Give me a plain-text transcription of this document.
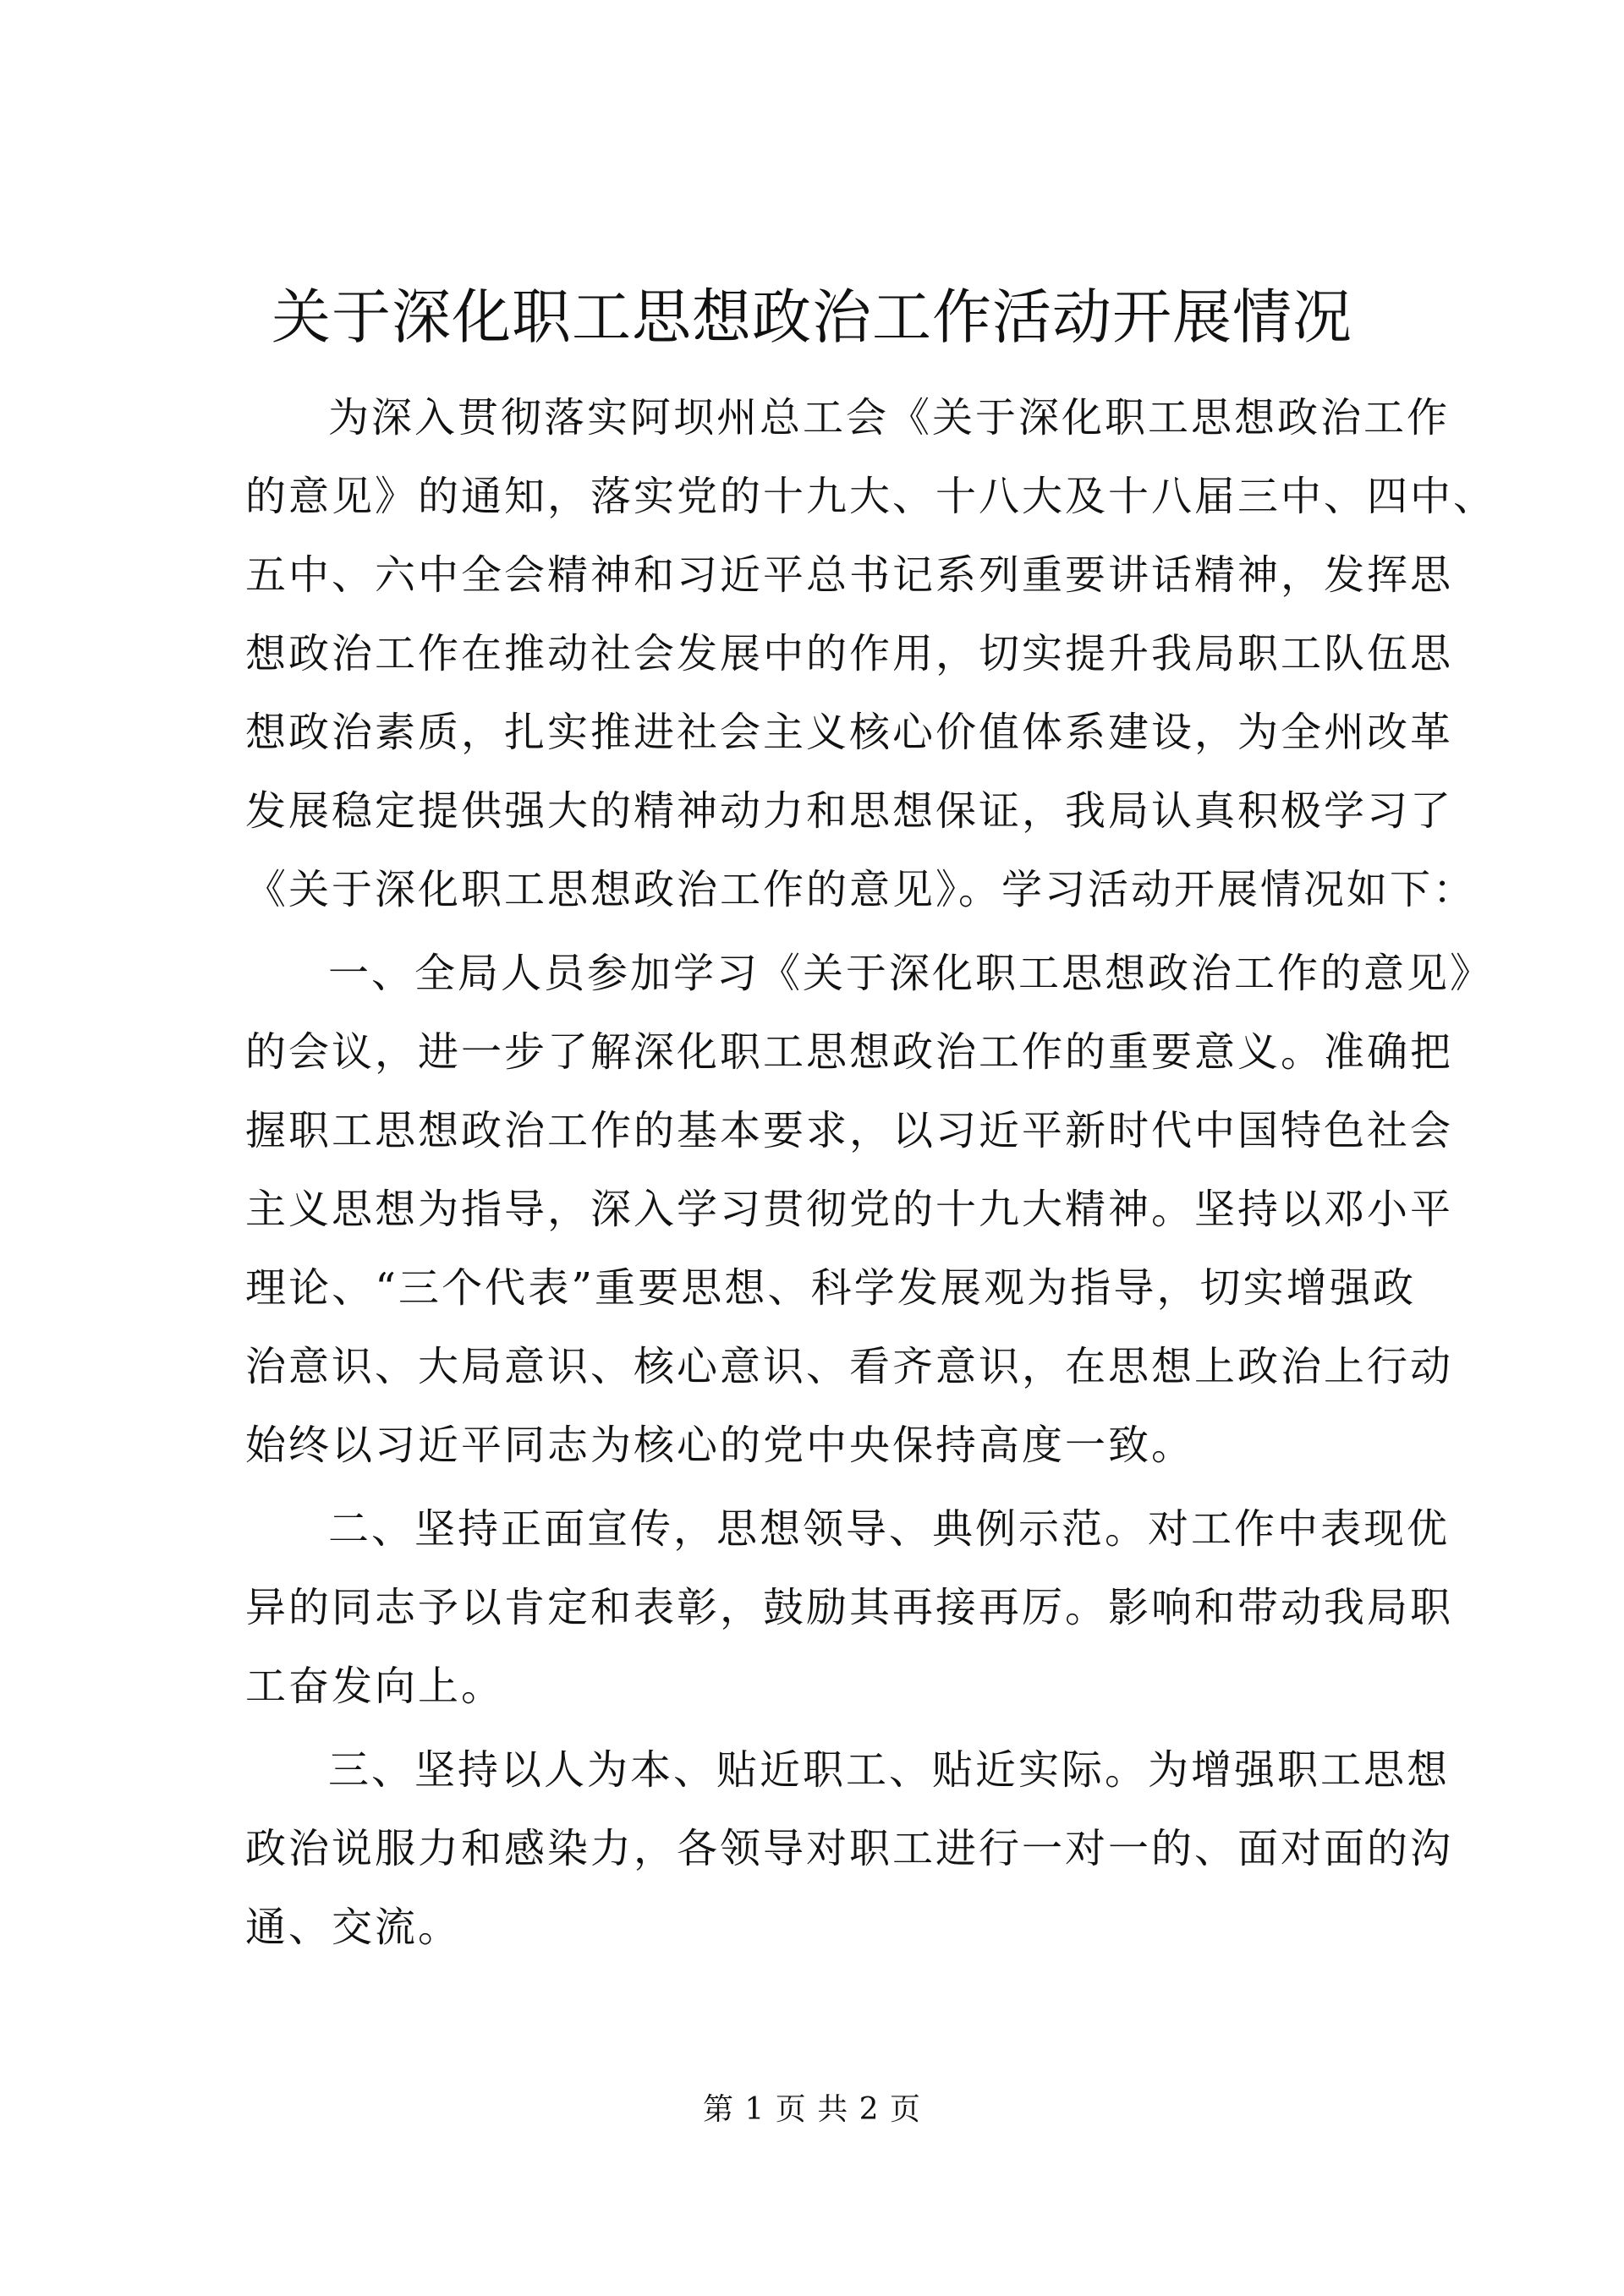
关于深化职工思想政治工作活动开展情况
为深入贯彻落实阿坝州总工会《关于深化职工思想政治工作
的意见》的通知，落实党的十九大、十八大及十八届三中、四中、
五中、六中全会精神和习近平总书记系列重要讲话精神，发挥思
想政治工作在推动社会发展中的作用，切实提升我局职工队伍思
想政治素质，扎实推进社会主义核心价值体系建设，为全州改革
发展稳定提供强大的精神动力和思想保证，我局认真积极学习了
《关于深化职工思想政治工作的意见》。学习活动开展情况如下：
一、全局人员参加学习《关于深化职工思想政治工作的意见》
的会议，进一步了解深化职工思想政治工作的重要意义。准确把
握职工思想政治工作的基本要求，以习近平新时代中国特色社会
主义思想为指导，深入学习贯彻党的十九大精神。坚持以邓小平
理论、“三个代表”重要思想、科学发展观为指导，切实增强政
治意识、大局意识、核心意识、看齐意识，在思想上政治上行动
始终以习近平同志为核心的党中央保持高度一致。
二、坚持正面宣传，思想领导、典例示范。对工作中表现优
异的同志予以肯定和表彰，鼓励其再接再厉。影响和带动我局职
工奋发向上。
三、坚持以人为本、贴近职工、贴近实际。为增强职工思想
政治说服力和感染力，各领导对职工进行一对一的、面对面的沟
通、交流。
第 1 页 共 2 页
